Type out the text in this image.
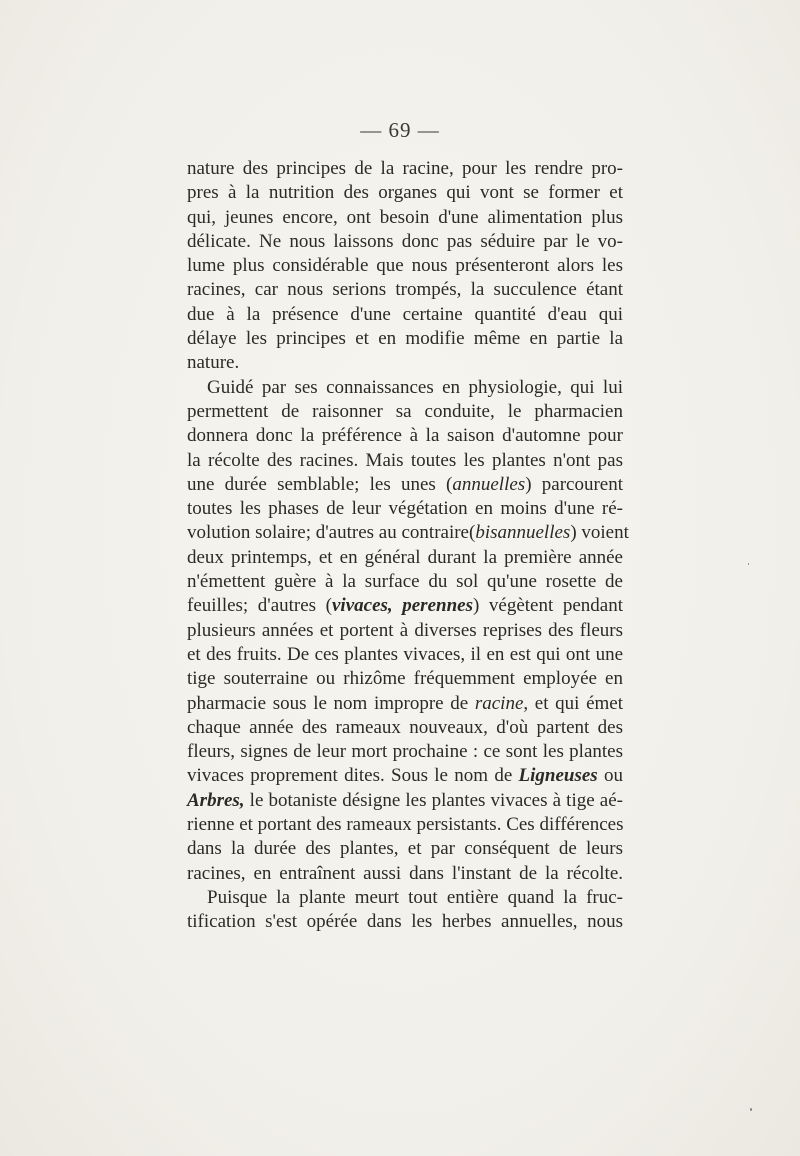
— 69 —
nature des principes de la racine, pour les rendre pro-
pres à la nutrition des organes qui vont se former et
qui, jeunes encore, ont besoin d'une alimentation plus
délicate. Ne nous laissons donc pas séduire par le vo-
lume plus considérable que nous présenteront alors les
racines, car nous serions trompés, la succulence étant
due à la présence d'une certaine quantité d'eau qui
délaye les principes et en modifie même en partie la
nature.
Guidé par ses connaissances en physiologie, qui lui
permettent de raisonner sa conduite, le pharmacien
donnera donc la préférence à la saison d'automne pour
la récolte des racines. Mais toutes les plantes n'ont pas
une durée semblable; les unes (annuelles) parcourent
toutes les phases de leur végétation en moins d'une ré-
volution solaire; d'autres au contraire(bisannuelles) voient
deux printemps, et en général durant la première année
n'émettent guère à la surface du sol qu'une rosette de
feuilles; d'autres (vivaces, perennes) végètent pendant
plusieurs années et portent à diverses reprises des fleurs
et des fruits. De ces plantes vivaces, il en est qui ont une
tige souterraine ou rhizôme fréquemment employée en
pharmacie sous le nom impropre de racine, et qui émet
chaque année des rameaux nouveaux, d'où partent des
fleurs, signes de leur mort prochaine : ce sont les plantes
vivaces proprement dites. Sous le nom de Ligneuses ou
Arbres, le botaniste désigne les plantes vivaces à tige aé-
rienne et portant des rameaux persistants. Ces différences
dans la durée des plantes, et par conséquent de leurs
racines, en entraînent aussi dans l'instant de la récolte.
Puisque la plante meurt tout entière quand la fruc-
tification s'est opérée dans les herbes annuelles, nous
